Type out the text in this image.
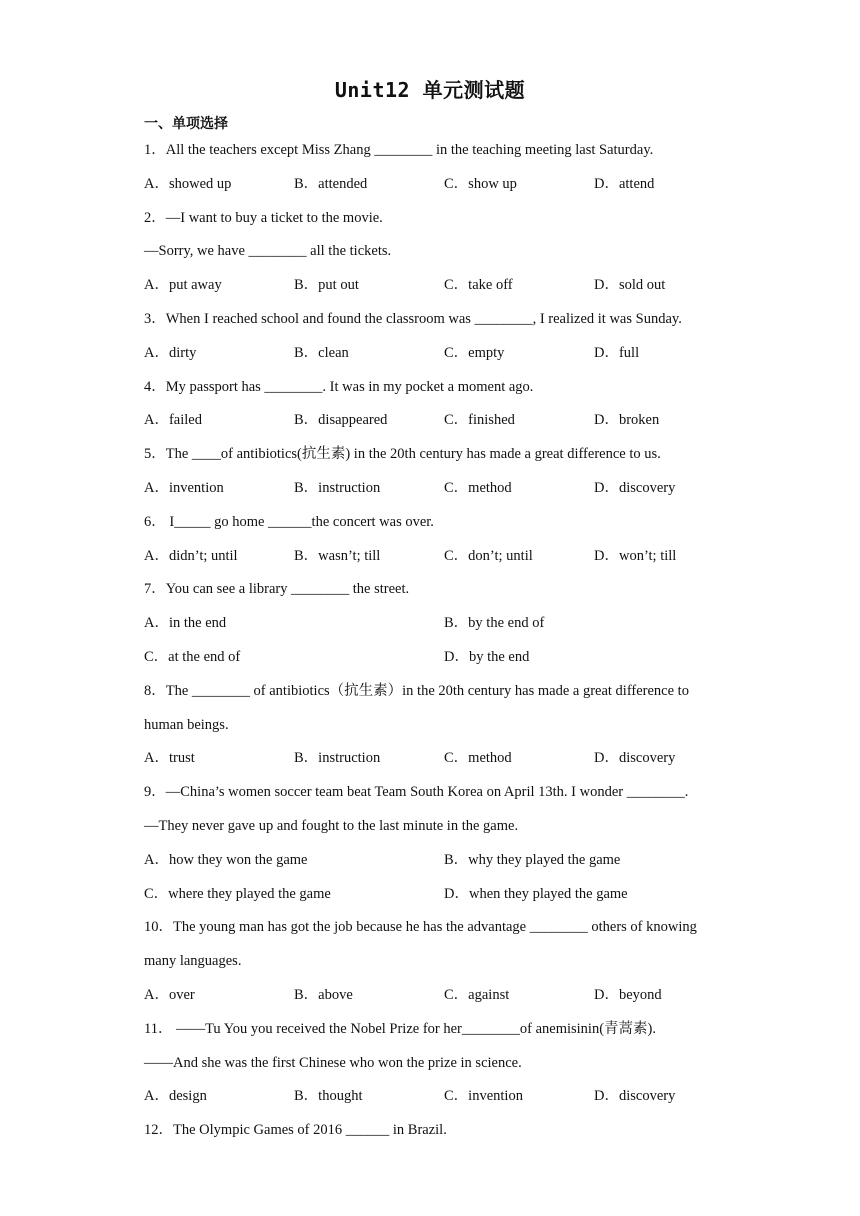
Unit12 单元测试题
一、单项选择
1．All the teachers except Miss Zhang ________ in the teaching meeting last Saturday.
A．showed up	B．attended	C．show up	D．attend
2．—I want to buy a ticket to the movie.
—Sorry, we have ________ all the tickets.
A．put away	B．put out	C．take off	D．sold out
3．When I reached school and found the classroom was ________, I realized it was Sunday.
A．dirty	B．clean	C．empty	D．full
4．My passport has ________. It was in my pocket a moment ago.
A．failed	B．disappeared	C．finished	D．broken
5．The ____of antibiotics(抗生素) in the 20th century has made a great difference to us.
A．invention	B．instruction	C．method	D．discovery
6． I_____ go home ______the concert was over.
A．didn’t; until	B．wasn’t; till	C．don’t; until	D．won’t; till
7．You can see a library ________ the street.
A．in the end	B．by the end of
C．at the end of	D．by the end
8．The ________ of antibiotics（抗生素）in the 20th century has made a great difference to
human beings.
A．trust	B．instruction	C．method	D．discovery
9．—China’s women soccer team beat Team South Korea on April 13th. I wonder ________.
—They never gave up and fought to the last minute in the game.
A．how they won the game	B．why they played the game
C．where they played the game	D．when they played the game
10．The young man has got the job because he has the advantage ________ others of knowing
many languages.
A．over	B．above	C．against	D．beyond
11． ——Tu You you received the Nobel Prize for her________of anemisinin(青蒿素).
——And she was the first Chinese who won the prize in science.
A．design	B．thought	C．invention	D．discovery
12．The Olympic Games of 2016 ______ in Brazil.
